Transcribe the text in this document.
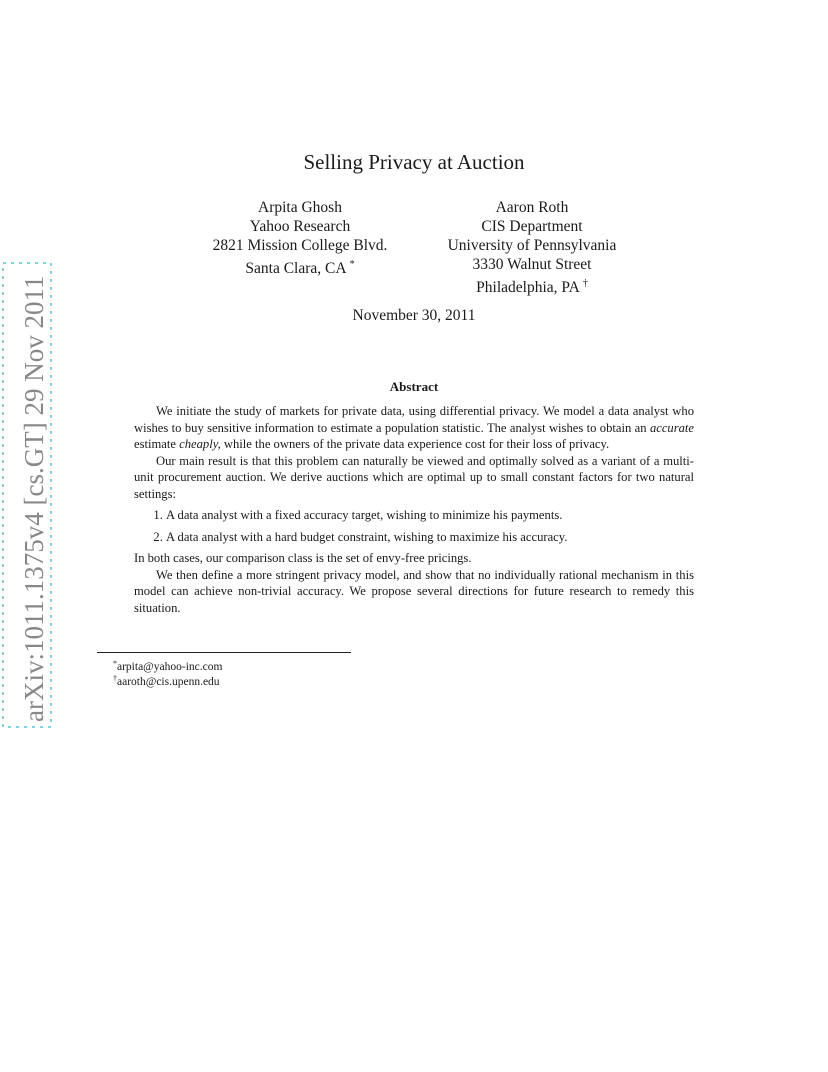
arXiv:1011.1375v4 [cs.GT] 29 Nov 2011
Selling Privacy at Auction
Arpita Ghosh
Yahoo Research
2821 Mission College Blvd.
Santa Clara, CA *
Aaron Roth
CIS Department
University of Pennsylvania
3330 Walnut Street
Philadelphia, PA †
November 30, 2011
Abstract

We initiate the study of markets for private data, using differential privacy. We model a data analyst who wishes to buy sensitive information to estimate a population statistic. The analyst wishes to obtain an accurate estimate cheaply, while the owners of the private data experience cost for their loss of privacy.

Our main result is that this problem can naturally be viewed and optimally solved as a variant of a multi-unit procurement auction. We derive auctions which are optimal up to small constant factors for two natural settings:

1. A data analyst with a fixed accuracy target, wishing to minimize his payments.
2. A data analyst with a hard budget constraint, wishing to maximize his accuracy.

In both cases, our comparison class is the set of envy-free pricings.

We then define a more stringent privacy model, and show that no individually rational mechanism in this model can achieve non-trivial accuracy. We propose several directions for future research to remedy this situation.

*arpita@yahoo-inc.com
†aaroth@cis.upenn.edu
